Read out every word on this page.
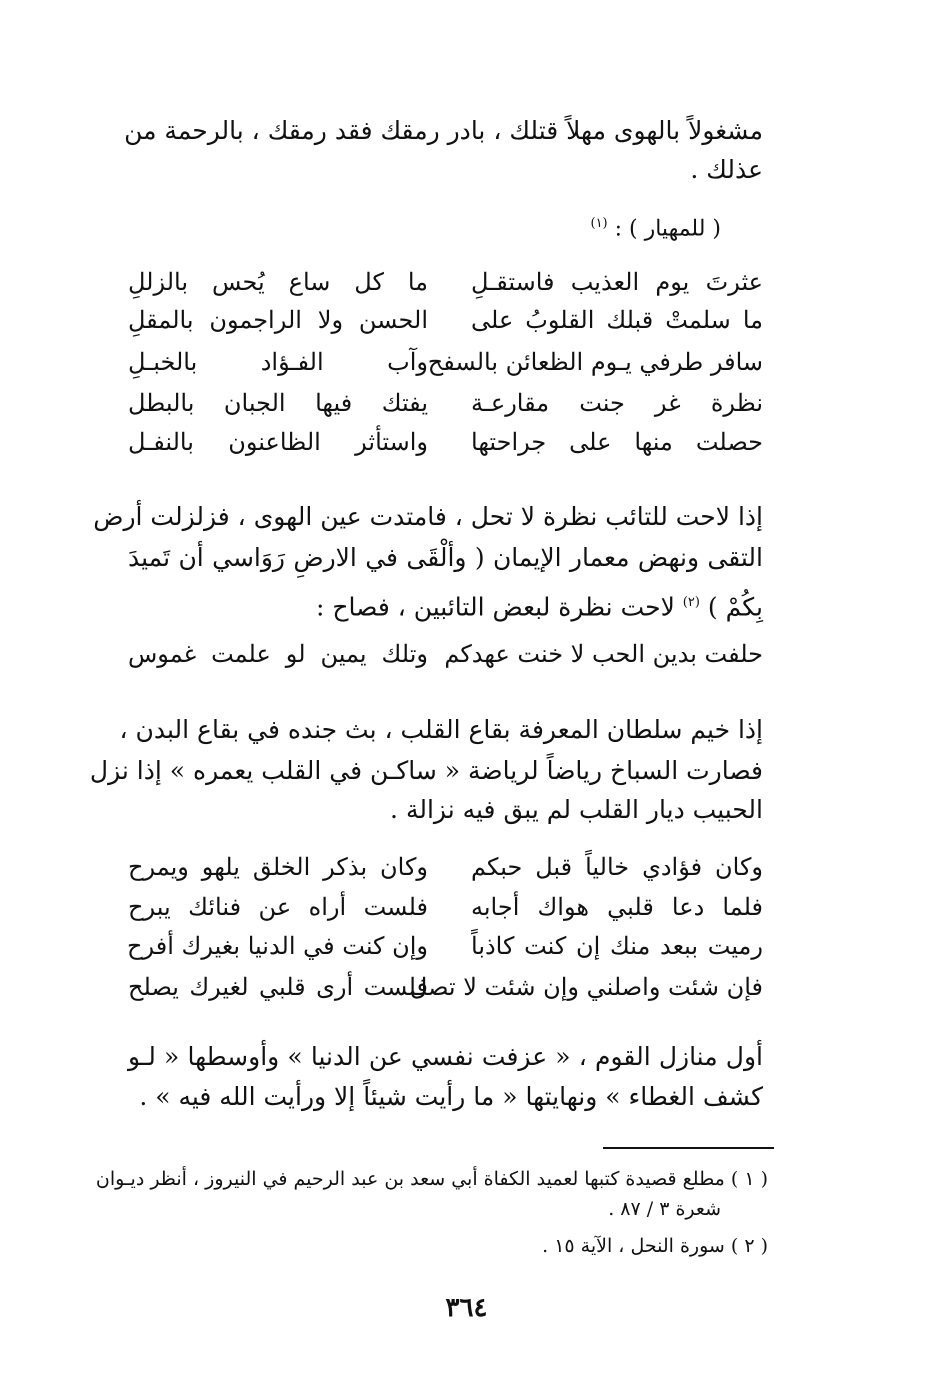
مشغولاً بالهوى مهلاً قتلك ، بادر رمقك فقد رمقك ، بالرحمة من
عذلك .
( للمهيار ) : $^{(١)}$
عثرتَ يوم العذيب فاستقـلِ
ما كل ساع يُحس بالزللِ
ما سلمتْ قبلك القلوبُ على
الحسن ولا الراجمون بالمقلِ
سافر طرفي يـوم الظعائن بالسفح
وآب الفـؤاد بالخبـلِ
نظرة غر جنت مقارعـة
يفتك فيها الجبان بالبطل
حصلت منها على جراحتها
واستأثر الظاعنون بالنفـل
إذا لاحت للتائب نظرة لا تحل ، فامتدت عين الهوى ، فزلزلت أرض
التقى ونهض معمار الإيمان ( وألْقَى في الارضِ رَوَاسي أن تَميدَ
بِكُمْ ) $^{(٢)}$ لاحت نظرة لبعض التائبين ، فصاح :
حلفت بدين الحب لا خنت عهدكم
وتلك يمين لو علمت غموس
إذا خيم سلطان المعرفة بقاع القلب ، بث جنده في بقاع البدن ،
فصارت السباخ رياضاً لرياضة « ساكـن في القلب يعمره » إذا نزل
الحبيب ديار القلب لم يبق فيه نزالة .
وكان فؤادي خالياً قبل حبكم
وكان بذكر الخلق يلهو ويمرح
فلما دعا قلبي هواك أجابه
فلست أراه عن فنائك يبرح
رميت ببعد منك إن كنت كاذباً
وإن كنت في الدنيا بغيرك أفرح
فإن شئت واصلني وإن شئت لا تصل
فلست أرى قلبي لغيرك يصلح
أول منازل القوم ، « عزفت نفسي عن الدنيا » وأوسطها « لـو
كشف الغطاء » ونهايتها « ما رأيت شيئاً إلا ورأيت الله فيه » .
( ١ ) مطلع قصيدة كتبها لعميد الكفاة أبي سعد بن عبد الرحيم في النيروز ، أنظر ديـوان
شعرة ٣ / ٨٧ .
( ٢ ) سورة النحل ، الآية ١٥ .
٣٦٤
